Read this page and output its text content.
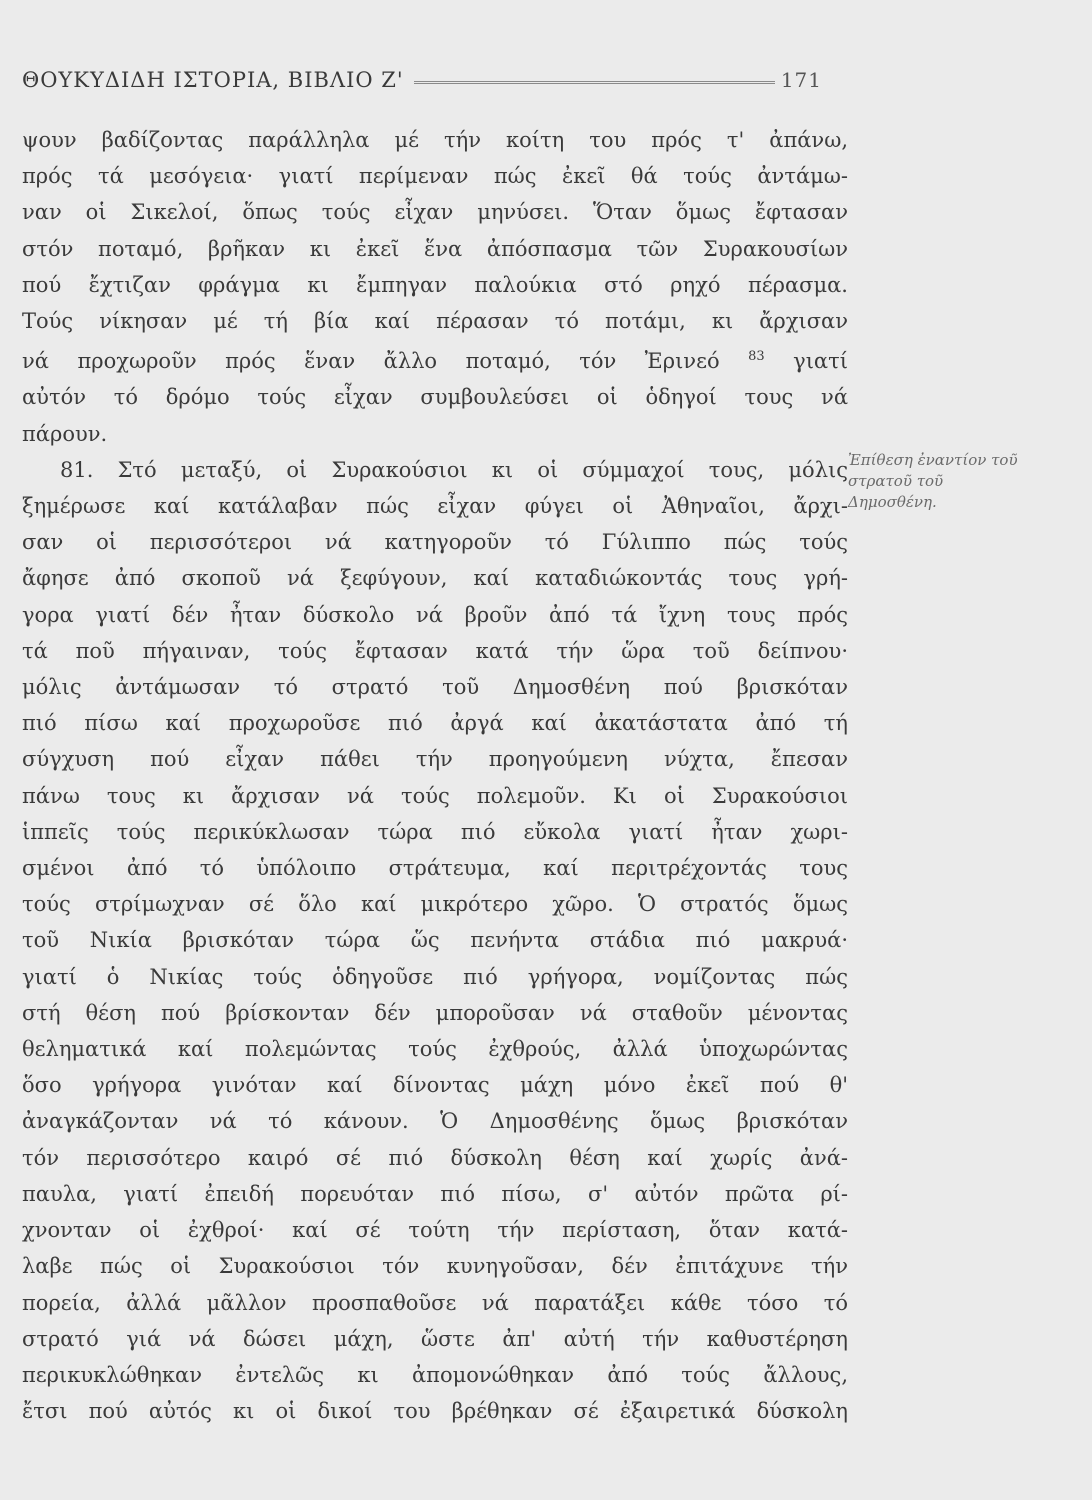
ΘΟΥΚΥΔΙΔΗ ΙΣΤΟΡΙΑ, ΒΙΒΛΙΟ Ζ'	171
ψουν βαδίζοντας παράλληλα μέ τήν κοίτη του πρός τ' ἀπάνω,
πρός τά μεσόγεια· γιατί περίμεναν πώς ἐκεῖ θά τούς ἀντάμω-
ναν οἱ Σικελοί, ὅπως τούς εἶχαν μηνύσει. Ὅταν ὅμως ἔφτασαν
στόν ποταμό, βρῆκαν κι ἐκεῖ ἕνα ἀπόσπασμα τῶν Συρακουσίων
πού ἔχτιζαν φράγμα κι ἔμπηγαν παλούκια στό ρηχό πέρασμα.
Τούς νίκησαν μέ τή βία καί πέρασαν τό ποτάμι, κι ἄρχισαν
νά προχωροῦν πρός ἕναν ἄλλο ποταμό, τόν Ἐρινεό $^{83}$ γιατί
αὐτόν τό δρόμο τούς εἶχαν συμβουλεύσει οἱ ὁδηγοί τους νά
πάρουν.
81. Στό μεταξύ, οἱ Συρακούσιοι κι οἱ σύμμαχοί τους, μόλις
ξημέρωσε καί κατάλαβαν πώς εἶχαν φύγει οἱ Ἀθηναῖοι, ἄρχι-
σαν οἱ περισσότεροι νά κατηγοροῦν τό Γύλιππο πώς τούς
ἄφησε ἀπό σκοποῦ νά ξεφύγουν, καί καταδιώκοντάς τους γρή-
γορα γιατί δέν ἦταν δύσκολο νά βροῦν ἀπό τά ἴχνη τους πρός
τά ποῦ πήγαιναν, τούς ἔφτασαν κατά τήν ὥρα τοῦ δείπνου·
μόλις ἀντάμωσαν τό στρατό τοῦ Δημοσθένη πού βρισκόταν
πιό πίσω καί προχωροῦσε πιό ἀργά καί ἀκατάστατα ἀπό τή
σύγχυση πού εἶχαν πάθει τήν προηγούμενη νύχτα, ἔπεσαν
πάνω τους κι ἄρχισαν νά τούς πολεμοῦν. Κι οἱ Συρακούσιοι
ἱππεῖς τούς περικύκλωσαν τώρα πιό εὔκολα γιατί ἦταν χωρι-
σμένοι ἀπό τό ὑπόλοιπο στράτευμα, καί περιτρέχοντάς τους
τούς στρίμωχναν σέ ὅλο καί μικρότερο χῶρο. Ὁ στρατός ὅμως
τοῦ Νικία βρισκόταν τώρα ὥς πενήντα στάδια πιό μακρυά·
γιατί ὁ Νικίας τούς ὁδηγοῦσε πιό γρήγορα, νομίζοντας πώς
στή θέση πού βρίσκονταν δέν μποροῦσαν νά σταθοῦν μένοντας
θεληματικά καί πολεμώντας τούς ἐχθρούς, ἀλλά ὑποχωρώντας
ὅσο γρήγορα γινόταν καί δίνοντας μάχη μόνο ἐκεῖ πού θ'
ἀναγκάζονταν νά τό κάνουν. Ὁ Δημοσθένης ὅμως βρισκόταν
τόν περισσότερο καιρό σέ πιό δύσκολη θέση καί χωρίς ἀνά-
παυλα, γιατί ἐπειδή πορευόταν πιό πίσω, σ' αὐτόν πρῶτα ρί-
χνονταν οἱ ἐχθροί· καί σέ τούτη τήν περίσταση, ὅταν κατά-
λαβε πώς οἱ Συρακούσιοι τόν κυνηγοῦσαν, δέν ἐπιτάχυνε τήν
πορεία, ἀλλά μᾶλλον προσπαθοῦσε νά παρατάξει κάθε τόσο τό
στρατό γιά νά δώσει μάχη, ὥστε ἀπ' αὐτή τήν καθυστέρηση
περικυκλώθηκαν ἐντελῶς κι ἀπομονώθηκαν ἀπό τούς ἄλλους,
ἔτσι πού αὐτός κι οἱ δικοί του βρέθηκαν σέ ἐξαιρετικά δύσκολη
Ἐπίθεση ἐναντίον τοῦ στρατοῦ τοῦ Δημοσθένη.
